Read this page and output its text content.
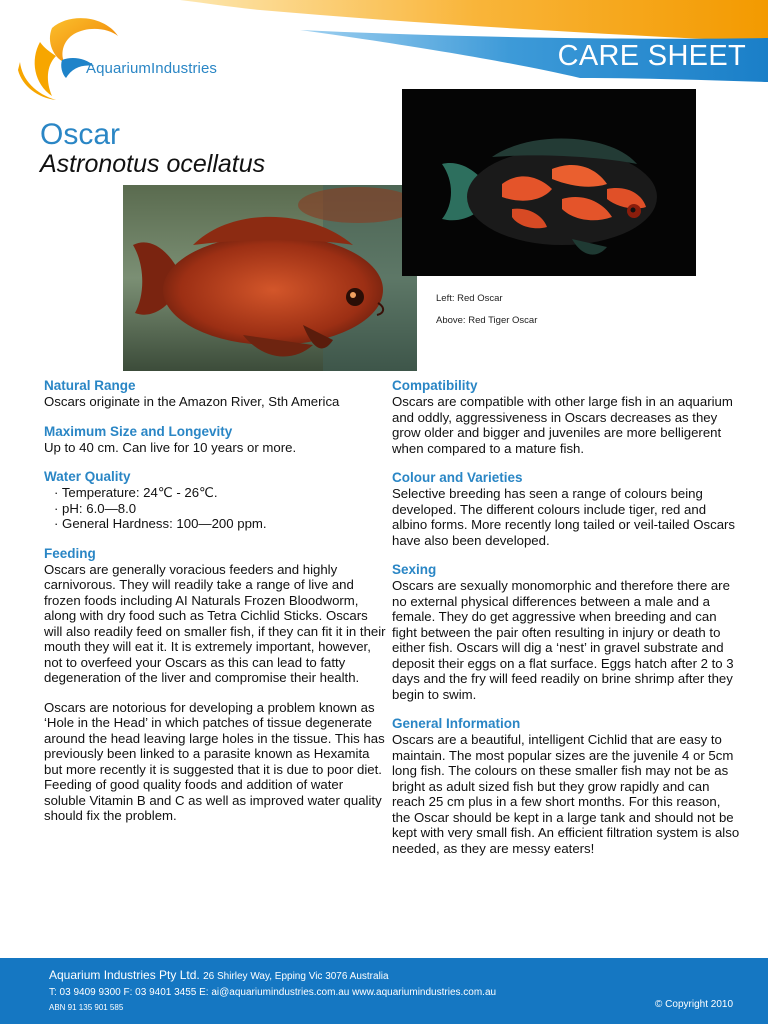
AquariumIndustries	CARE SHEET
Oscar
Astronotus ocellatus
Left: Red Oscar
Above: Red Tiger Oscar
Natural Range
Oscars originate in the Amazon River, Sth America
Maximum Size and Longevity
Up to 40 cm. Can live for 10 years or more.
Water Quality
· Temperature: 24℃ - 26℃.
· pH: 6.0—8.0
· General Hardness: 100—200 ppm.
Feeding
Oscars are generally voracious feeders and highly carnivorous. They will readily take a range of live and frozen foods including AI Naturals Frozen Bloodworm, along with dry food such as Tetra Cichlid Sticks. Oscars will also readily feed on smaller fish, if they can fit it in their mouth they will eat it. It is extremely important, however, not to overfeed your Oscars as this can lead to fatty degeneration of the liver and compromise their health.
Oscars are notorious for developing a problem known as ‘Hole in the Head’ in which patches of tissue degenerate around the head leaving large holes in the tissue. This has previously been linked to a parasite known as Hexamita but more recently it is suggested that it is due to poor diet. Feeding of good quality foods and addition of water soluble Vitamin B and C as well as improved water quality should fix the problem.
Compatibility
Oscars are compatible with other large fish in an aquarium and oddly, aggressiveness in Oscars decreases as they grow older and bigger and juveniles are more belligerent when compared to a mature fish.
Colour and Varieties
Selective breeding has seen a range of colours being developed. The different colours include tiger, red and albino forms. More recently long tailed or veil-tailed Oscars have also been developed.
Sexing
Oscars are sexually monomorphic and therefore there are no external physical differences between a male and a female. They do get aggressive when breeding and can fight between the pair often resulting in injury or death to either fish. Oscars will dig a ‘nest’ in gravel substrate and deposit their eggs on a flat surface. Eggs hatch after 2 to 3 days and the fry will feed readily on brine shrimp after they begin to swim.
General Information
Oscars are a beautiful, intelligent Cichlid that are easy to maintain. The most popular sizes are the juvenile 4 or 5cm long fish. The colours on these smaller fish may not be as bright as adult sized fish but they grow rapidly and can reach 25 cm plus in a few short months. For this reason, the Oscar should be kept in a large tank and should not be kept with very small fish. An efficient filtration system is also needed, as they are messy eaters!
Aquarium Industries Pty Ltd. 26 Shirley Way, Epping Vic 3076 Australia
T: 03 9409 9300 F: 03 9401 3455 E: ai@aquariumindustries.com.au www.aquariumindustries.com.au
ABN 91 135 901 585	© Copyright 2010
